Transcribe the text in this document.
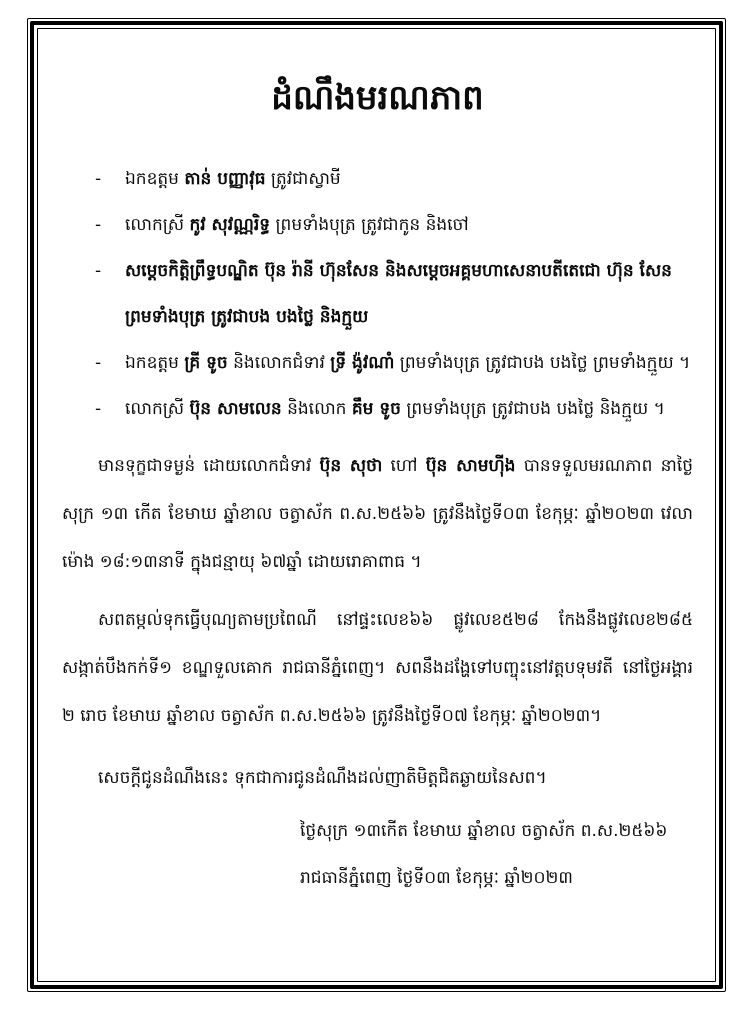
ដំណឹងមរណភាព
-	ឯកឧត្តម តាន់ បញ្ញាវុធ ត្រូវជាស្វាមី
-	លោកស្រី កូវ សុវណ្ណរិទ្ធ ព្រមទាំងបុត្រ ត្រូវជាកូន និងចៅ
-	សម្ដេចកិត្តិព្រឹទ្ធបណ្ឌិត ប៊ុន រ៉ានី ហ៊ុនសែន និងសម្ដេចអគ្គមហាសេនាបតីតេជោ ហ៊ុន សែន ព្រមទាំងបុត្រ ត្រូវជាបង បងថ្លៃ និងក្មួយ
-	ឯកឧត្តម គ្រី ទូច និងលោកជំទាវ ទ្រី ង៉ូវណាំ ព្រមទាំងបុត្រ ត្រូវជាបង បងថ្លៃ ព្រមទាំងក្មួយ ។
-	លោកស្រី ប៊ុន សាមលេន និងលោក គឹម ទូច ព្រមទាំងបុត្រ ត្រូវជាបង បងថ្លៃ និងក្មួយ ។

មានទុក្ខជាទម្ងន់ ដោយលោកជំទាវ ប៊ុន សុថា ហៅ ប៊ុន សាមហ៊ីង បានទទួលមរណភាព នាថ្ងៃសុក្រ ១៣ កើត ខែមាឃ ឆ្នាំខាល ចត្វាស័ក ព.ស.២៥៦៦ ត្រូវនឹងថ្ងៃទី០៣ ខែកុម្ភៈ ឆ្នាំ២០២៣ វេលាម៉ោង ១៨:១៣នាទី ក្នុងជន្មាយុ ៦៧ឆ្នាំ ដោយរោគាពាធ ។

សពតម្កល់ទុកធ្វើបុណ្យតាមប្រពៃណី នៅផ្ទះលេខ៦៦ ផ្លូវលេខ៥២៨ កែងនឹងផ្លូវលេខ២៨៥ សង្កាត់បឹងកក់ទី១ ខណ្ឌទួលគោក រាជធានីភ្នំពេញ។ សពនឹងដង្ហែទៅបញ្ចុះនៅវត្តបទុមវតី នៅថ្ងៃអង្គារ ២ រោច ខែមាឃ ឆ្នាំខាល ចត្វាស័ក ព.ស.២៥៦៦ ត្រូវនឹងថ្ងៃទី០៧ ខែកុម្ភៈ ឆ្នាំ២០២៣។

សេចក្ដីជូនដំណឹងនេះ ទុកជាការជូនដំណឹងដល់ញាតិមិត្តជិតឆ្ងាយនៃសព។

ថ្ងៃសុក្រ ១៣កើត ខែមាឃ ឆ្នាំខាល ចត្វាស័ក ព.ស.២៥៦៦
រាជធានីភ្នំពេញ ថ្ងៃទី០៣ ខែកុម្ភៈ ឆ្នាំ២០២៣
